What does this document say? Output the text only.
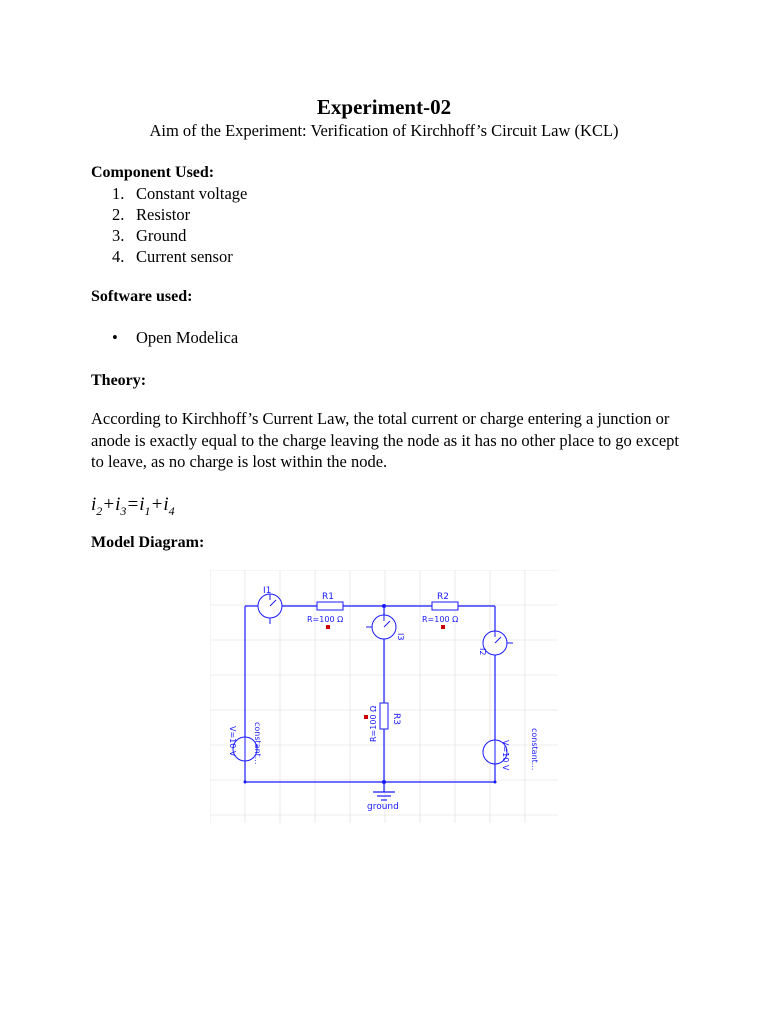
Experiment-02
Aim of the Experiment: Verification of Kirchhoff’s Circuit Law (KCL)
Component Used:
1. Constant voltage
2. Resistor
3. Ground
4. Current sensor
Software used:
•	Open Modelica
Theory:
According to Kirchhoff’s Current Law, the total current or charge entering a junction or anode is exactly equal to the charge leaving the node as it has no other place to go except to leave, as no charge is lost within the node.
$i_2+i_3=i_1+i_4$
Model Diagram:
I1
R1	R2
R=100 Ω	R=100 Ω
I3
I2
R=100 Ω R3
V=10 V constant...	V=10 V	constant...
ground
